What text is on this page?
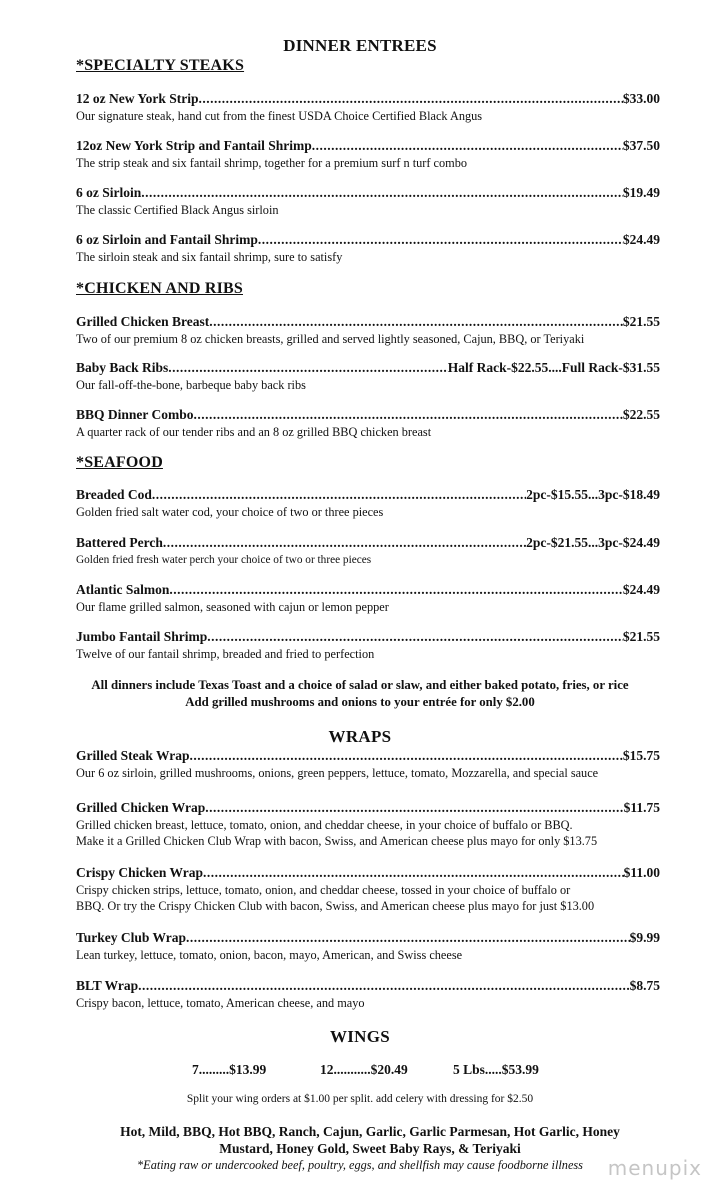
DINNER ENTREES
*SPECIALTY STEAKS
12 oz New York Strip .....	$33.00
Our signature steak, hand cut from the finest USDA Choice Certified Black Angus
12oz New York Strip and Fantail Shrimp .....	$37.50
The strip steak and six fantail shrimp, together for a premium surf n turf combo
6 oz Sirloin .....	$19.49
The classic Certified Black Angus sirloin
6 oz Sirloin and Fantail Shrimp .....	$24.49
The sirloin steak and six fantail shrimp, sure to satisfy
*CHICKEN AND RIBS
Grilled Chicken Breast .....	$21.55
Two of our premium 8 oz chicken breasts, grilled and served lightly seasoned, Cajun, BBQ, or Teriyaki
Baby Back Ribs .....	Half Rack-$22.55....Full Rack-$31.55
Our fall-off-the-bone, barbeque baby back ribs
BBQ Dinner Combo .....	$22.55
A quarter rack of our tender ribs and an 8 oz grilled BBQ chicken breast
*SEAFOOD
Breaded Cod .....	2pc-$15.55...3pc-$18.49
Golden fried salt water cod, your choice of two or three pieces
Battered Perch .....	2pc-$21.55...3pc-$24.49
Golden fried fresh water perch your choice of two or three pieces
Atlantic Salmon .....	$24.49
Our flame grilled salmon, seasoned with cajun or lemon pepper
Jumbo Fantail Shrimp .....	$21.55
Twelve of our fantail shrimp, breaded and fried to perfection
All dinners include Texas Toast and a choice of salad or slaw, and either baked potato, fries, or rice
Add grilled mushrooms and onions to your entrée for only $2.00
WRAPS
Grilled Steak Wrap .....	$15.75
Our 6 oz sirloin, grilled mushrooms, onions, green peppers, lettuce, tomato, Mozzarella, and special sauce
Grilled Chicken Wrap .....	$11.75
Grilled chicken breast, lettuce, tomato, onion, and cheddar cheese, in your choice of buffalo or BBQ.
Make it a Grilled Chicken Club Wrap with bacon, Swiss, and American cheese plus mayo for only $13.75
Crispy Chicken Wrap .....	$11.00
Crispy chicken strips, lettuce, tomato, onion, and cheddar cheese, tossed in your choice of buffalo or
BBQ. Or try the Crispy Chicken Club with bacon, Swiss, and American cheese plus mayo for just $13.00
Turkey Club Wrap .....	$9.99
Lean turkey, lettuce, tomato, onion, bacon, mayo, American, and Swiss cheese
BLT Wrap .....	$8.75
Crispy bacon, lettuce, tomato, American cheese, and mayo
WINGS
7.........$13.99	12...........$20.49	5 Lbs.....$53.99
Split your wing orders at $1.00 per split. add celery with dressing for $2.50
Hot, Mild, BBQ, Hot BBQ, Ranch, Cajun, Garlic, Garlic Parmesan, Hot Garlic, Honey
Mustard, Honey Gold, Sweet Baby Rays, & Teriyaki
*Eating raw or undercooked beef, poultry, eggs, and shellfish may cause foodborne illness	menupix
